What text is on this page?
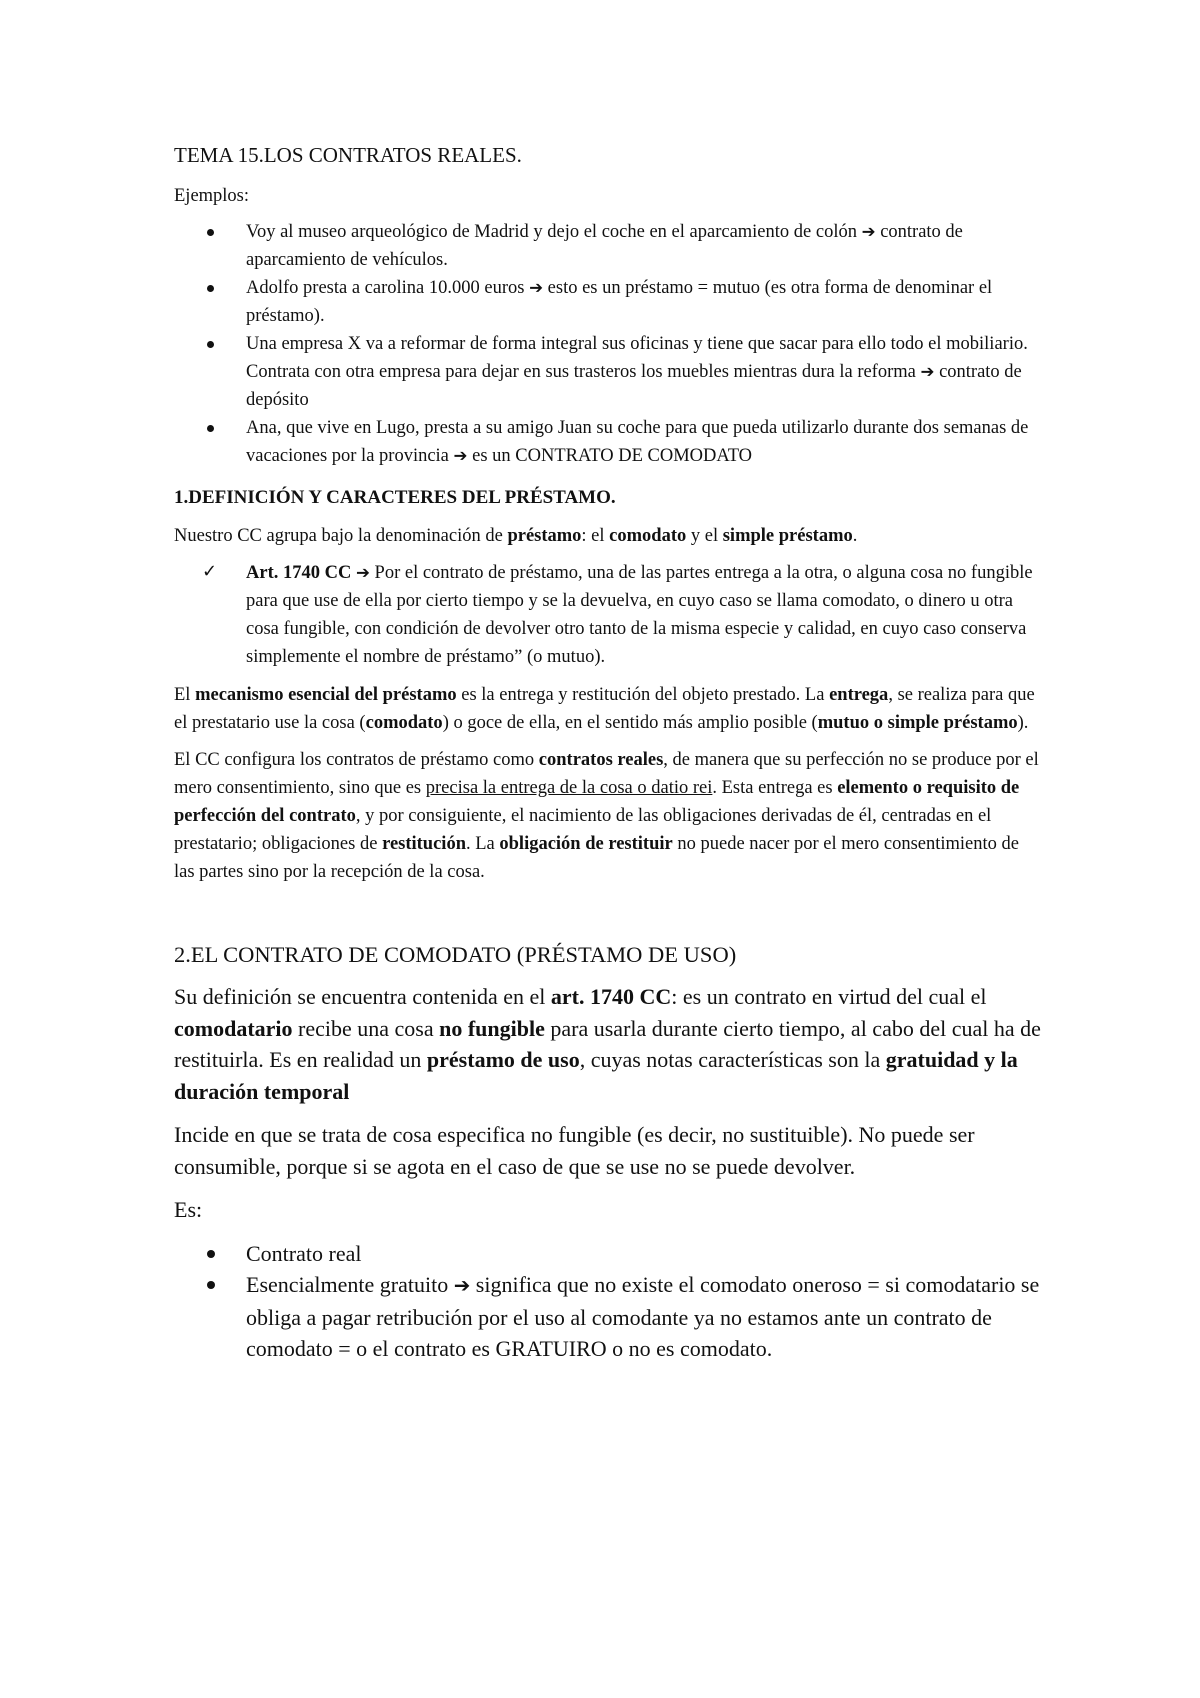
TEMA 15.LOS CONTRATOS REALES.

Ejemplos:

Voy al museo arqueológico de Madrid y dejo el coche en el aparcamiento de colón ➔ contrato de aparcamiento de vehículos.
Adolfo presta a carolina 10.000 euros ➔ esto es un préstamo = mutuo (es otra forma de denominar el préstamo).
Una empresa X va a reformar de forma integral sus oficinas y tiene que sacar para ello todo el mobiliario. Contrata con otra empresa para dejar en sus trasteros los muebles mientras dura la reforma ➔ contrato de depósito
Ana, que vive en Lugo, presta a su amigo Juan su coche para que pueda utilizarlo durante dos semanas de vacaciones por la provincia ➔ es un CONTRATO DE COMODATO
1.DEFINICIÓN Y CARACTERES DEL PRÉSTAMO.

Nuestro CC agrupa bajo la denominación de préstamo: el comodato y el simple préstamo.

✓ Art. 1740 CC ➔ Por el contrato de préstamo, una de las partes entrega a la otra, o alguna cosa no fungible para que use de ella por cierto tiempo y se la devuelva, en cuyo caso se llama comodato, o dinero u otra cosa fungible, con condición de devolver otro tanto de la misma especie y calidad, en cuyo caso conserva simplemente el nombre de préstamo” (o mutuo).

El mecanismo esencial del préstamo es la entrega y restitución del objeto prestado. La entrega, se realiza para que el prestatario use la cosa (comodato) o goce de ella, en el sentido más amplio posible (mutuo o simple préstamo).

El CC configura los contratos de préstamo como contratos reales, de manera que su perfección no se produce por el mero consentimiento, sino que es precisa la entrega de la cosa o datio rei. Esta entrega es elemento o requisito de perfección del contrato, y por consiguiente, el nacimiento de las obligaciones derivadas de él, centradas en el prestatario; obligaciones de restitución. La obligación de restituir no puede nacer por el mero consentimiento de las partes sino por la recepción de la cosa.

2.EL CONTRATO DE COMODATO (PRÉSTAMO DE USO)

Su definición se encuentra contenida en el art. 1740 CC: es un contrato en virtud del cual el comodatario recibe una cosa no fungible para usarla durante cierto tiempo, al cabo del cual ha de restituirla. Es en realidad un préstamo de uso, cuyas notas características son la gratuidad y la duración temporal

Incide en que se trata de cosa especifica no fungible (es decir, no sustituible). No puede ser consumible, porque si se agota en el caso de que se use no se puede devolver.

Es:

Contrato real
Esencialmente gratuito ➔ significa que no existe el comodato oneroso = si comodatario se obliga a pagar retribución por el uso al comodante ya no estamos ante un contrato de comodato = o el contrato es GRATUIRO o no es comodato.
